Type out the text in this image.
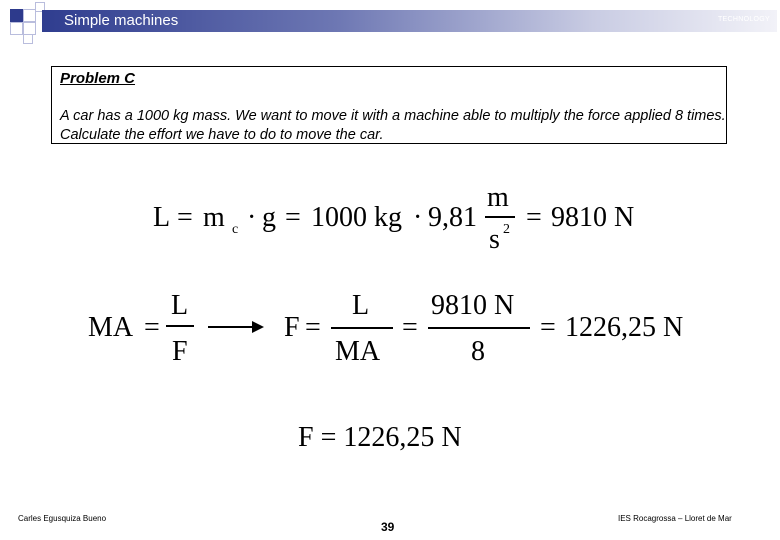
Simple machines	TECHNOLOGY
Problem C
A car has a 1000 kg mass. We want to move it with a machine able to multiply the force applied 8 times. Calculate the effort we have to do to move the car.
L = m c · g = 1000 kg · 9,81
m
s 2 = 9810 N
MA =
L
F
F =
L
MA
=
9810 N
8
= 1226,25 N
F = 1226,25 N
Carles Egusquiza Bueno
39
IES Rocagrossa – Lloret de Mar
